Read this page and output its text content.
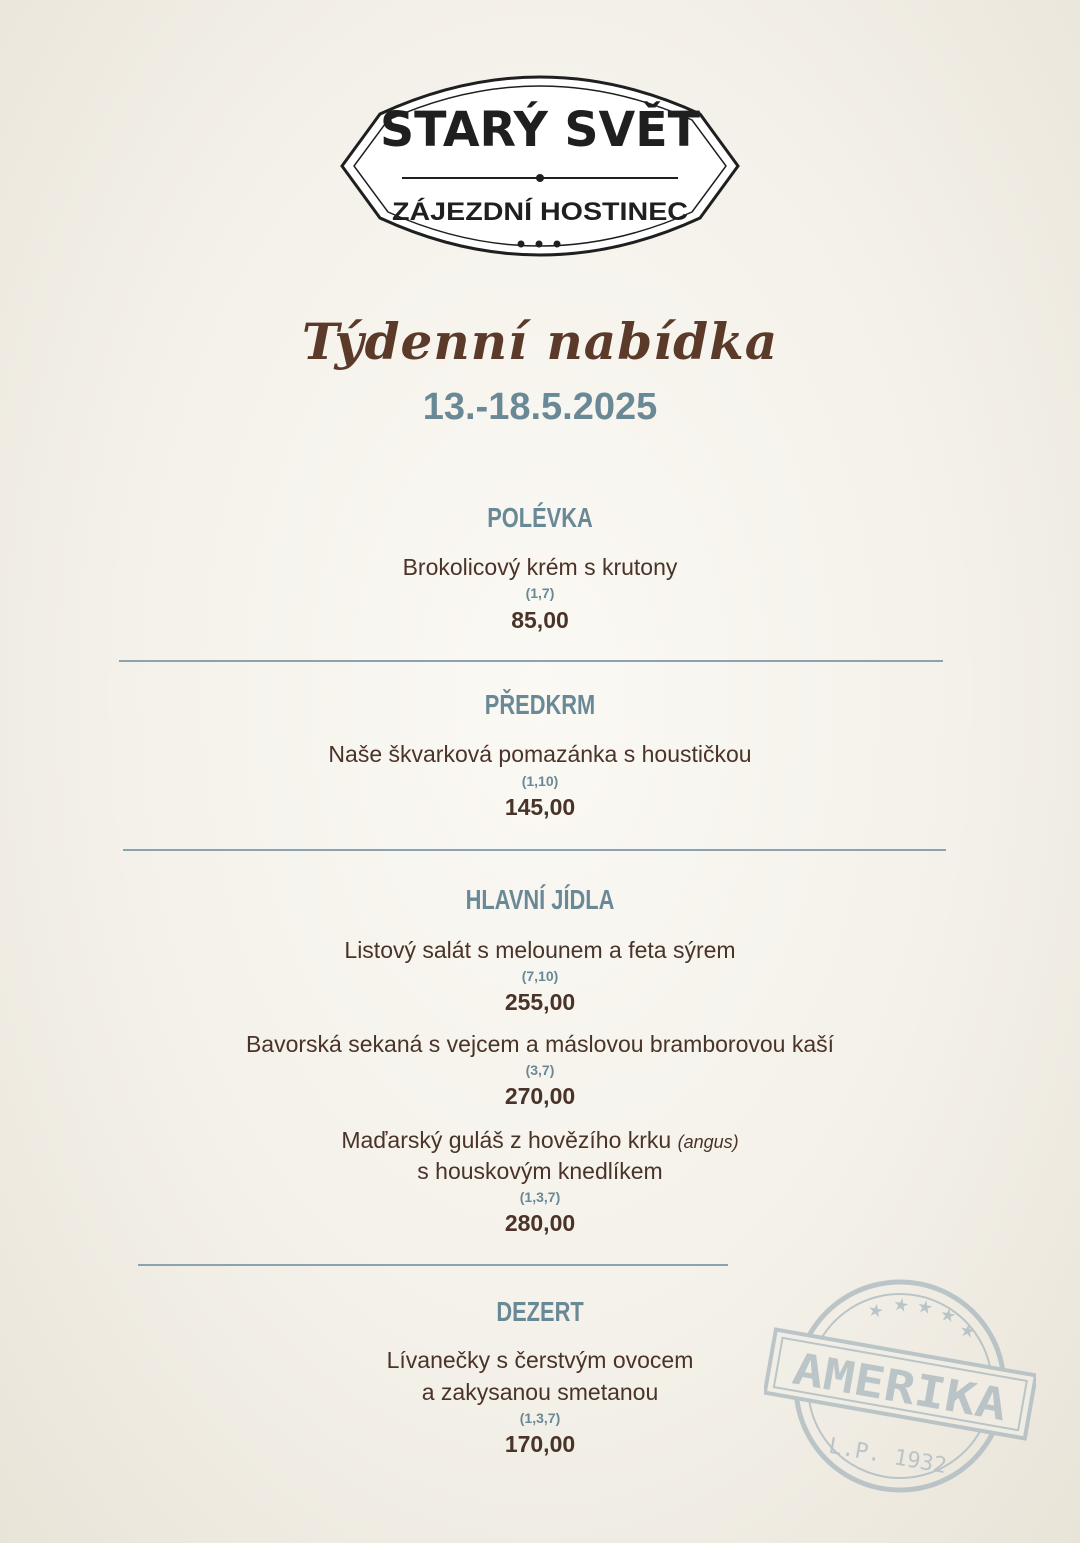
STARÝ SVĚT
ZÁJEZDNÍ HOSTINEC
Týdenní nabídka
13.-18.5.2025
POLÉVKA
Brokolicový krém s krutony
(1,7)
85,00
PŘEDKRM
Naše škvarková pomazánka s houstičkou
(1,10)
145,00
HLAVNÍ JÍDLA
Listový salát s melounem a feta sýrem
(7,10)
255,00
Bavorská sekaná s vejcem a máslovou bramborovou kaší
(3,7)
270,00
Maďarský guláš z hovězího krku (angus)
s houskovým knedlíkem
(1,3,7)
280,00
DEZERT
Lívanečky s čerstvým ovocem
a zakysanou smetanou
(1,3,7)
170,00
★ ★ ★ ★
★
AMERIKA
L.P. 1932
